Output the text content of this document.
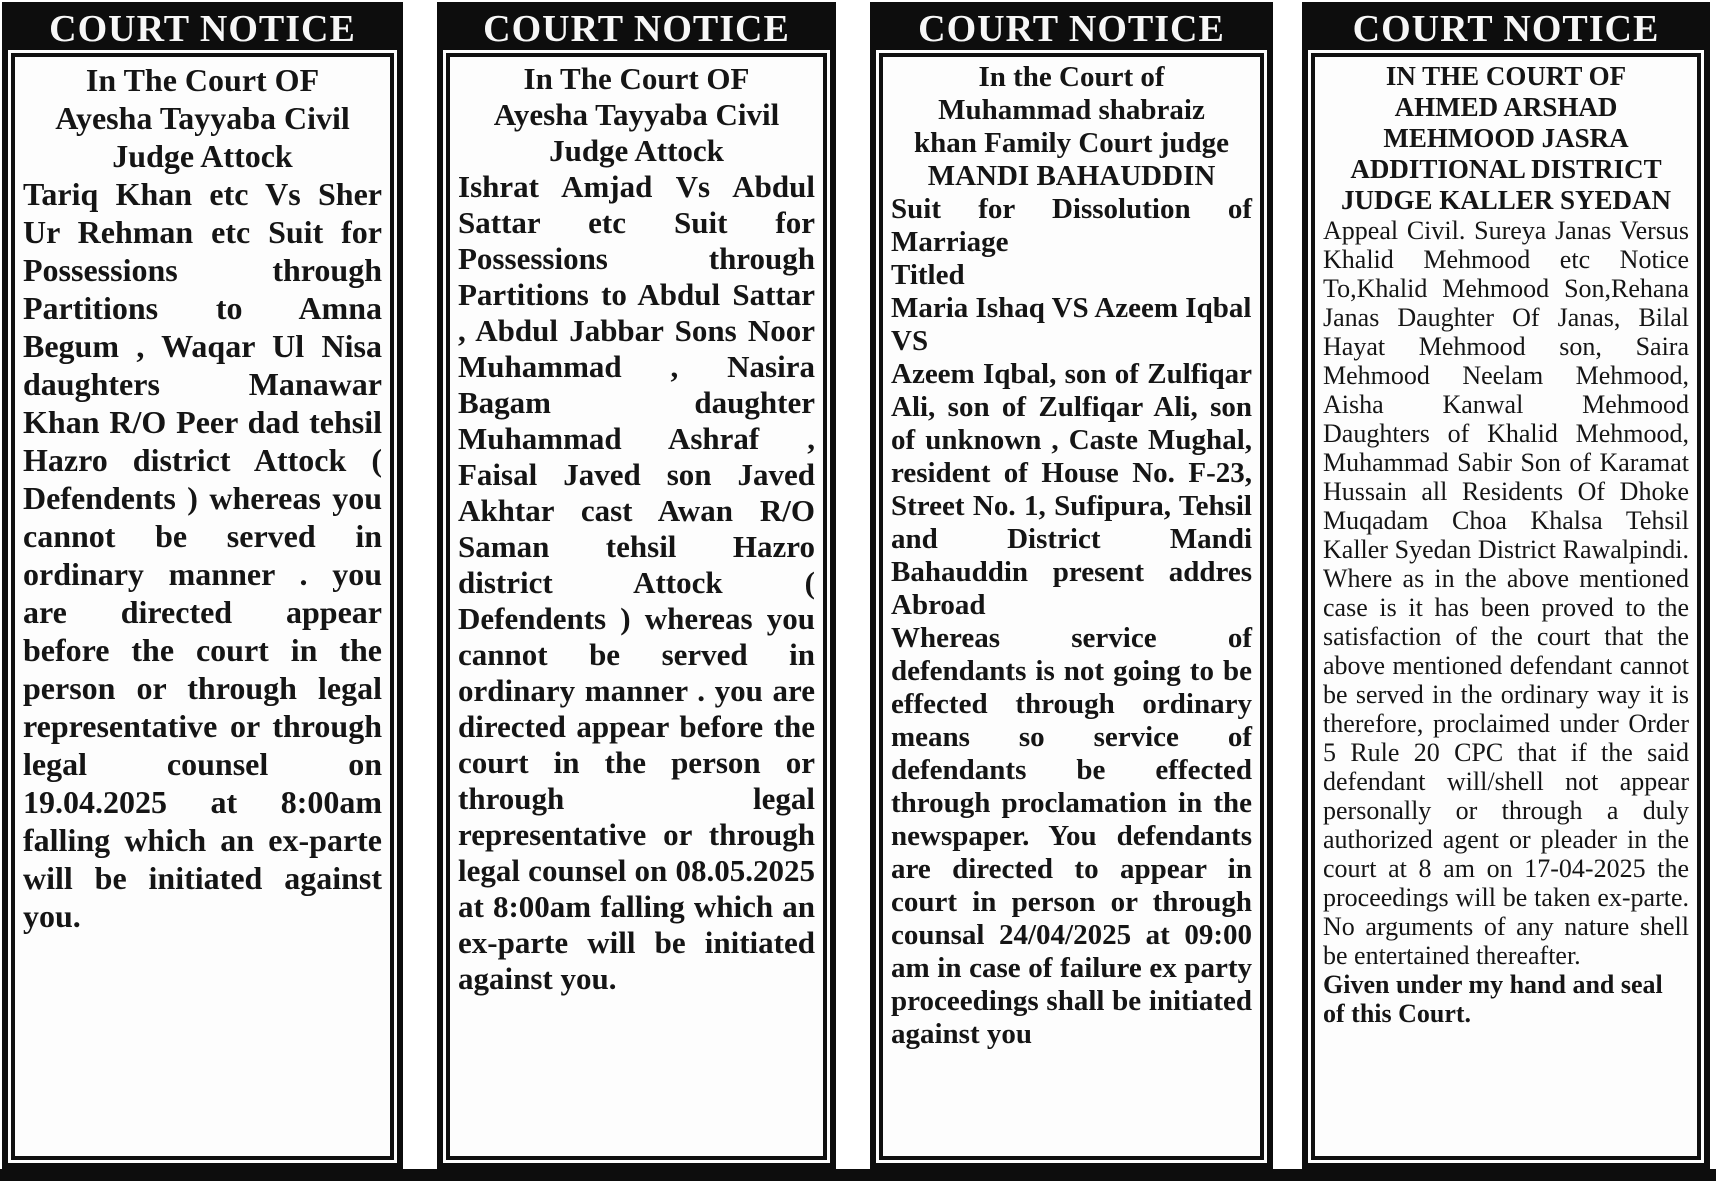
COURT NOTICE
In The Court OF
Ayesha Tayyaba Civil
Judge Attock

Tariq Khan etc Vs Sher Ur Rehman etc Suit for Possessions through Partitions to Amna Begum , Waqar Ul Nisa daughters Manawar Khan R/O Peer dad tehsil Hazro district Attock ( Defendents ) whereas you cannot be served in ordinary manner . you are directed appear before the court in the person or through legal representative or through legal counsel on 19.04.2025 at 8:00am falling which an ex-parte will be initiated against you.

COURT NOTICE
In The Court OF
Ayesha Tayyaba Civil
Judge Attock

Ishrat Amjad Vs Abdul Sattar etc Suit for Possessions through Partitions to Abdul Sattar , Abdul Jabbar Sons Noor Muhammad , Nasira Bagam daughter Muhammad Ashraf , Faisal Javed son Javed Akhtar cast Awan R/O Saman tehsil Hazro district Attock ( Defendents ) whereas you cannot be served in ordinary manner . you are directed appear before the court in the person or through legal representative or through legal counsel on 08.05.2025 at 8:00am falling which an ex-parte will be initiated against you.

COURT NOTICE
In the Court of
Muhammad shabraiz
khan Family Court judge
MANDI BAHAUDDIN

Suit for Dissolution of Marriage

Titled

Maria Ishaq VS Azeem Iqbal

VS

Azeem Iqbal, son of Zulfiqar Ali, son of Zulfiqar Ali, son of unknown , Caste Mughal, resident of House No. F-23, Street No. 1, Sufipura, Tehsil and District Mandi Bahauddin present addres Abroad

Whereas service of defendants is not going to be effected through ordinary means so service of defendants be effected through proclamation in the newspaper. You defendants are directed to appear in court in person or through counsal 24/04/2025 at 09:00 am in case of failure ex party proceedings shall be initiated against you

COURT NOTICE
IN THE COURT OF
AHMED ARSHAD
MEHMOOD JASRA
ADDITIONAL DISTRICT
JUDGE KALLER SYEDAN

Appeal Civil. Sureya Janas Versus Khalid Mehmood etc Notice To,Khalid Mehmood Son,Rehana Janas Daughter Of Janas, Bilal Hayat Mehmood son, Saira Mehmood Neelam Mehmood, Aisha Kanwal Mehmood Daughters of Khalid Mehmood, Muhammad Sabir Son of Karamat Hussain all Residents Of Dhoke Muqadam Choa Khalsa Tehsil Kaller Syedan District Rawalpindi. Where as in the above mentioned case is it has been proved to the satisfaction of the court that the above mentioned defendant cannot be served in the ordinary way it is therefore, proclaimed under Order 5 Rule 20 CPC that if the said defendant will/shell not appear personally or through a duly authorized agent or pleader in the court at 8 am on 17-04-2025 the proceedings will be taken ex-parte. No arguments of any nature shell be entertained thereafter.

Given under my hand and seal of this Court.
